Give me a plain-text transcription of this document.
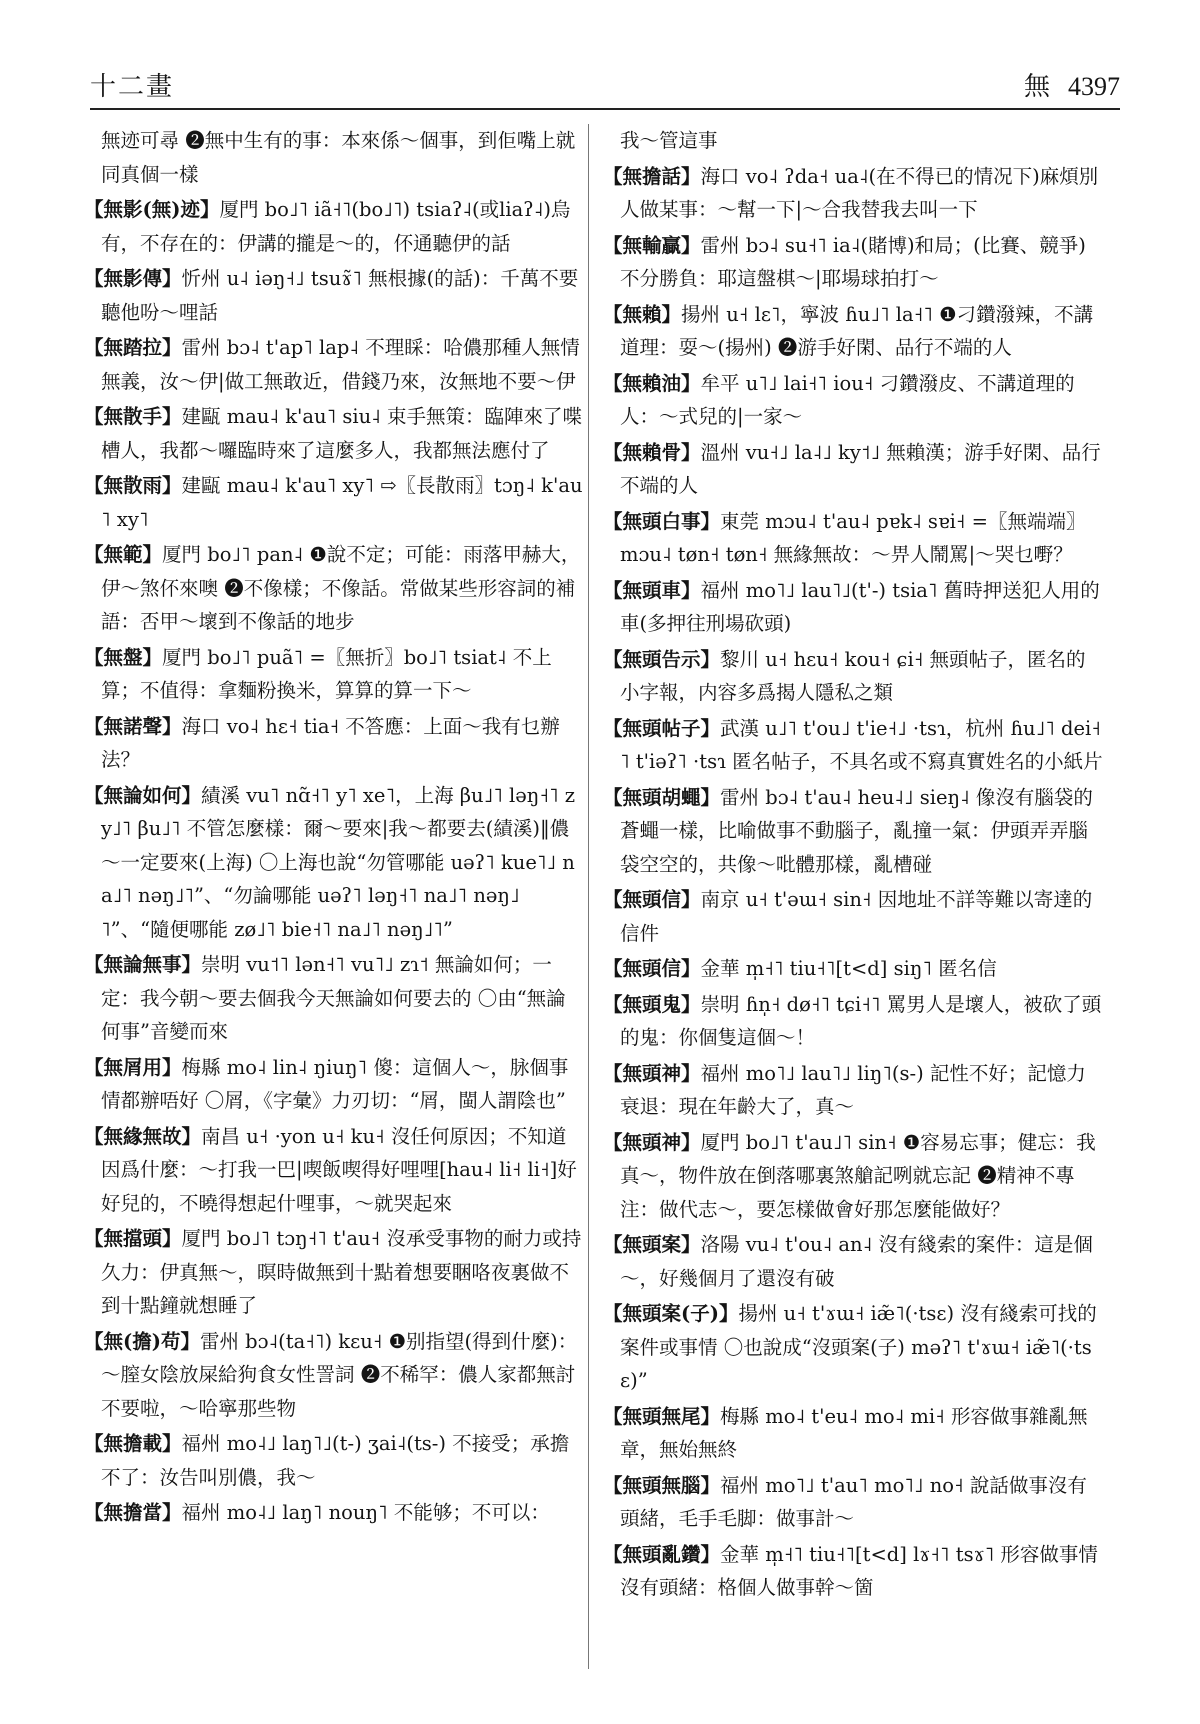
十二畫	無 4397
無迹可尋 ❷無中生有的事：本來係～個事，到佢嘴上就同真個一樣
【無影(無)迹】厦門 bo˩˥ iã˧˥(bo˩˥) tsiaʔ˨(或liaʔ˨)烏有，不存在的：伊講的攏是～的，伓通聽伊的話
【無影傳】忻州 u˨ iəŋ˧˩ tsuɤ̃˥ 無根據(的話)：千萬不要聽他吩～哩話
【無踏拉】雷州 bɔ˨ t'ap˥ lap˨ 不理睬：哈儂那種人無情無義，汝～伊|做工無敢近，借錢乃來，汝無地不要～伊
【無散手】建甌 mau˨ k'au˥ siu˨ 束手無策：臨陣來了喋槽人，我都～囉臨時來了這麼多人，我都無法應付了
【無散雨】建甌 mau˨ k'au˥ xy˥ ⇨〖長散雨〗tɔŋ˨ k'au˥ xy˥
【無範】厦門 bo˩˥ pan˨ ❶說不定；可能：雨落甲赫大，伊～煞伓來噢 ❷不像樣；不像話。常做某些形容詞的補語：否甲～壞到不像話的地步
【無盤】厦門 bo˩˥ puã˥ =〖無折〗bo˩˥ tsiat˨ 不上算；不值得：拿麵粉換米，算算的算一下～
【無諾聲】海口 vo˨ hɛ˧ tia˧ 不答應：上面～我有乜辦法？
【無論如何】績溪 vu˥ nɑ̃˧˥ y˥ xe˥，上海 βu˩˥ ləŋ˧˥ zy˩˥ βu˩˥ 不管怎麼樣：爾～要來|我～都要去(績溪)‖儂～一定要來(上海) 〇上海也說“勿管哪能 uəʔ˥ kue˥˩ na˩˥ nəŋ˩˥”、“勿論哪能 uəʔ˥ ləŋ˧˥ na˩˥ nəŋ˩˥”、“隨便哪能 zø˩˥ bie˧˥ na˩˥ nəŋ˩˥”
【無論無事】崇明 vu˦˥ lən˧˥ vu˥˩ zɿ˦ 無論如何；一定：我今朝～要去個我今天無論如何要去的 〇由“無論何事”音變而來
【無屑用】梅縣 mo˨ lin˨ ŋiuŋ˥ 傻：這個人～，脉個事情都辦唔好 〇屑，《字彙》力刃切：“屑，閩人謂陰也”
【無緣無故】南昌 u˧ ·yon u˧ ku˧ 沒任何原因；不知道因爲什麼：～打我一巴|喫飯喫得好哩哩[hau˨ li˧ li˧]好好兒的，不曉得想起什哩事，～就哭起來
【無擋頭】厦門 bo˩˥ tɔŋ˧˥ t'au˧ 沒承受事物的耐力或持久力：伊真無～，暝時做無到十點着想要睏咯夜裏做不到十點鐘就想睡了
【無(擔)苟】雷州 bɔ˨(ta˧˥) kɛu˧ ❶别指望(得到什麼)：～膣女陰放屎給狗食女性詈詞 ❷不稀罕：儂人家都無討不要啦，～哈寧那些物
【無擔載】福州 mo˨˩ laŋ˥˩(t-) ʒai˨(ts-) 不接受；承擔不了：汝告叫別儂，我～
【無擔當】福州 mo˨˩ laŋ˥ nouŋ˥ 不能够；不可以：
我～管這事
【無擔話】海口 vo˨ ʔda˧ ua˨(在不得已的情况下)麻煩別人做某事：～幫一下|～合我替我去叫一下
【無輸贏】雷州 bɔ˨ su˧˥ ia˨(賭博)和局；(比賽、競爭)不分勝負：耶這盤棋～|耶場球拍打～
【無賴】揚州 u˧ lɛ˥，寧波 ɦu˩˥ la˧˥ ❶刁鑽潑辣，不講道理：耍～(揚州) ❷游手好閑、品行不端的人
【無賴油】牟平 u˥˩ lai˧˥ iou˧ 刁鑽潑皮、不講道理的人：～式兒的|一家～
【無賴骨】溫州 vu˧˩ la˨˩ ky˦˩ 無賴漢；游手好閑、品行不端的人
【無頭白事】東莞 mɔu˨ t'au˨ pɐk˨ sɐi˧ =〖無端端〗mɔu˨ tøn˧ tøn˧ 無緣無故：～畀人鬧罵|～哭乜嘢？
【無頭車】福州 mo˥˩ lau˥˩(t'-) tsia˥ 舊時押送犯人用的車(多押往刑場砍頭)
【無頭告示】黎川 u˧ hɛu˧ kou˧ ɕi˧ 無頭帖子，匿名的小字報，内容多爲揭人隱私之類
【無頭帖子】武漢 u˩˥ t'ou˩ t'ie˧˩ ·tsɿ，杭州 ɦu˩˥ dei˧˥ t'iəʔ˥ ·tsɿ 匿名帖子，不具名或不寫真實姓名的小紙片
【無頭胡蠅】雷州 bɔ˨ t'au˨ heu˨˩ sieŋ˨ 像沒有腦袋的蒼蠅一樣，比喻做事不動腦子，亂撞一氣：伊頭弄弄腦袋空空的，共像～吡體那樣，亂槽碰
【無頭信】南京 u˧ t'əɯ˧ sin˧ 因地址不詳等難以寄達的信件
【無頭信】金華 m̩˧˥ tiu˧˥[t<d] siŋ˥ 匿名信
【無頭鬼】崇明 ɦn̩˧ dø˧˥ tɕi˧˥ 罵男人是壞人，被砍了頭的鬼：你個隻這個～！
【無頭神】福州 mo˥˩ lau˥˩ liŋ˥(s-) 記性不好；記憶力衰退：現在年齡大了，真～
【無頭神】厦門 bo˩˥ t'au˩˥ sin˧ ❶容易忘事；健忘：我真～，物件放在倒落哪裏煞艙記咧就忘記 ❷精神不專注：做代志～，要怎樣做會好那怎麼能做好？
【無頭案】洛陽 vu˨ t'ou˨ an˨ 沒有綫索的案件：這是個～，好幾個月了還沒有破
【無頭案(子)】揚州 u˧ t'ɤɯ˧ iæ̃˥(·tsɛ) 沒有綫索可找的案件或事情 〇也說成“沒頭案(子) məʔ˥ t'ɤɯ˧ iæ̃˥(·tsɛ)”
【無頭無尾】梅縣 mo˨ t'eu˨ mo˨ mi˧ 形容做事雜亂無章，無始無終
【無頭無腦】福州 mo˥˩ t'au˥ mo˥˩ no˧ 說話做事沒有頭緒，毛手毛脚：做事計～
【無頭亂鑽】金華 m̩˧˥ tiu˧˥[t<d] lɤ˧˥ tsɤ˥ 形容做事情沒有頭緒：格個人做事幹～箇
